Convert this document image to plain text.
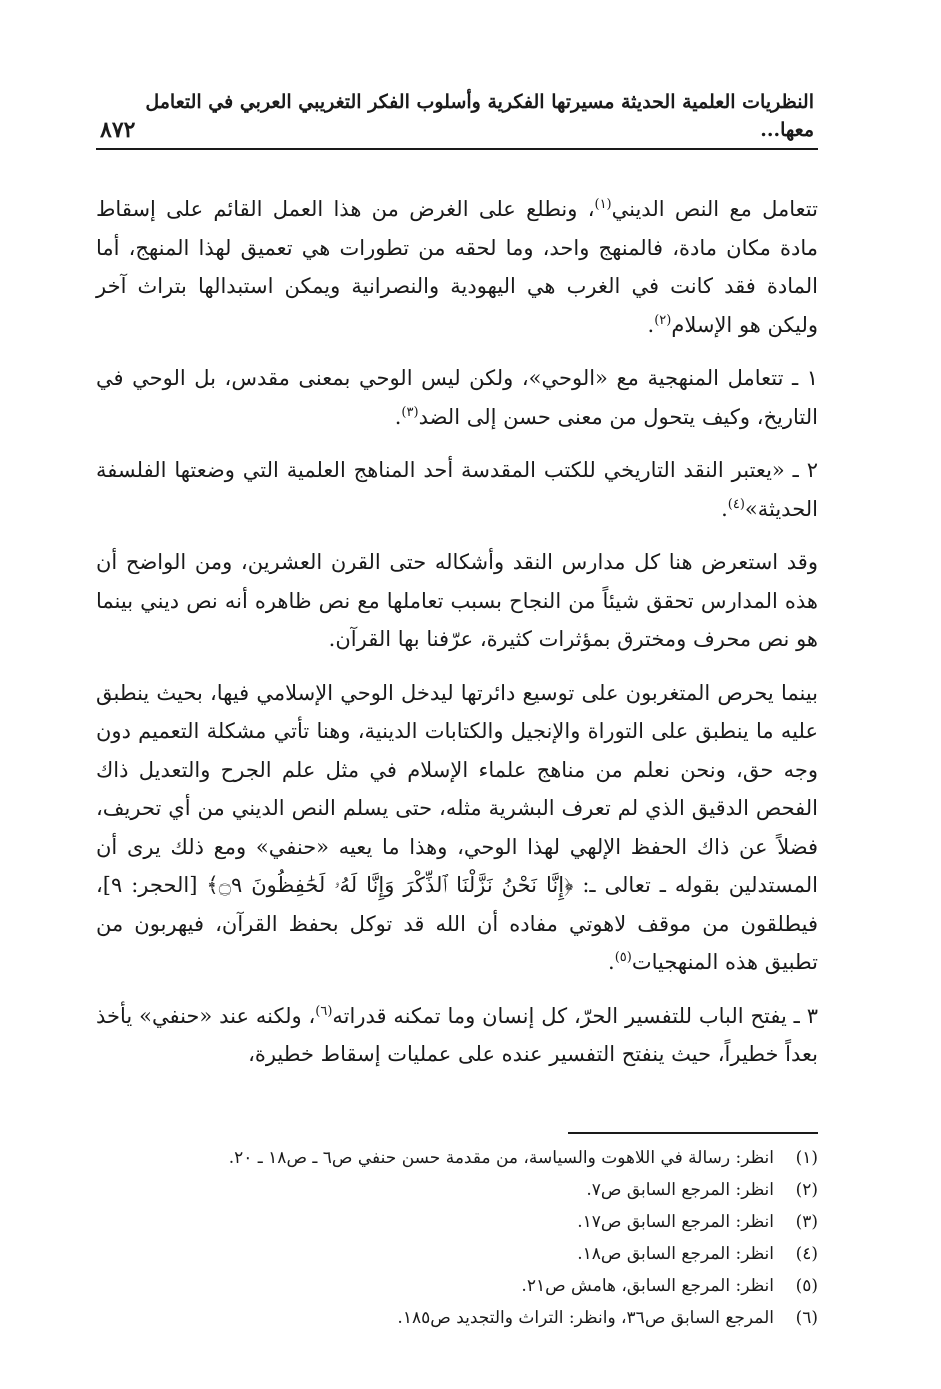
النظريات العلمية الحديثة مسيرتها الفكرية وأسلوب الفكر التغريبي العربي في التعامل معها...
٨٧٢

تتعامل مع النص الديني$^{(١)}$، ونطلع على الغرض من هذا العمل القائم على إسقاط مادة مكان مادة، فالمنهج واحد، وما لحقه من تطورات هي تعميق لهذا المنهج، أما المادة فقد كانت في الغرب هي اليهودية والنصرانية ويمكن استبدالها بتراث آخر وليكن هو الإسلام$^{(٢)}$.

١ ـ تتعامل المنهجية مع «الوحي»، ولكن ليس الوحي بمعنى مقدس، بل الوحي في التاريخ، وكيف يتحول من معنى حسن إلى الضد$^{(٣)}$.

٢ ـ «يعتبر النقد التاريخي للكتب المقدسة أحد المناهج العلمية التي وضعتها الفلسفة الحديثة»$^{(٤)}$.

وقد استعرض هنا كل مدارس النقد وأشكاله حتى القرن العشرين، ومن الواضح أن هذه المدارس تحقق شيئاً من النجاح بسبب تعاملها مع نص ظاهره أنه نص ديني بينما هو نص محرف ومخترق بمؤثرات كثيرة، عرّفنا بها القرآن.

بينما يحرص المتغربون على توسيع دائرتها ليدخل الوحي الإسلامي فيها، بحيث ينطبق عليه ما ينطبق على التوراة والإنجيل والكتابات الدينية، وهنا تأتي مشكلة التعميم دون وجه حق، ونحن نعلم من مناهج علماء الإسلام في مثل علم الجرح والتعديل ذاك الفحص الدقيق الذي لم تعرف البشرية مثله، حتى يسلم النص الديني من أي تحريف، فضلاً عن ذاك الحفظ الإلهي لهذا الوحي، وهذا ما يعيه «حنفي» ومع ذلك يرى أن المستدلين بقوله ـ تعالى ـ: ﴿إِنَّا نَحْنُ نَزَّلْنَا ٱلذِّكْرَ وَإِنَّا لَهُۥ لَحَٰفِظُونَ ۝٩﴾ [الحجر: ٩]، فيطلقون من موقف لاهوتي مفاده أن الله قد توكل بحفظ القرآن، فيهربون من تطبيق هذه المنهجيات$^{(٥)}$.

٣ ـ يفتح الباب للتفسير الحرّ، كل إنسان وما تمكنه قدراته$^{(٦)}$، ولكنه عند «حنفي» يأخذ بعداً خطيراً، حيث ينفتح التفسير عنده على عمليات إسقاط خطيرة،

(١)
انظر: رسالة في اللاهوت والسياسة، من مقدمة حسن حنفي ص٦ ـ ص١٨ ـ ٢٠.
(٢)
انظر: المرجع السابق ص٧.
(٣)
انظر: المرجع السابق ص١٧.
(٤)
انظر: المرجع السابق ص١٨.
(٥)
انظر: المرجع السابق، هامش ص٢١.
(٦)
المرجع السابق ص٣٦، وانظر: التراث والتجديد ص١٨٥.
